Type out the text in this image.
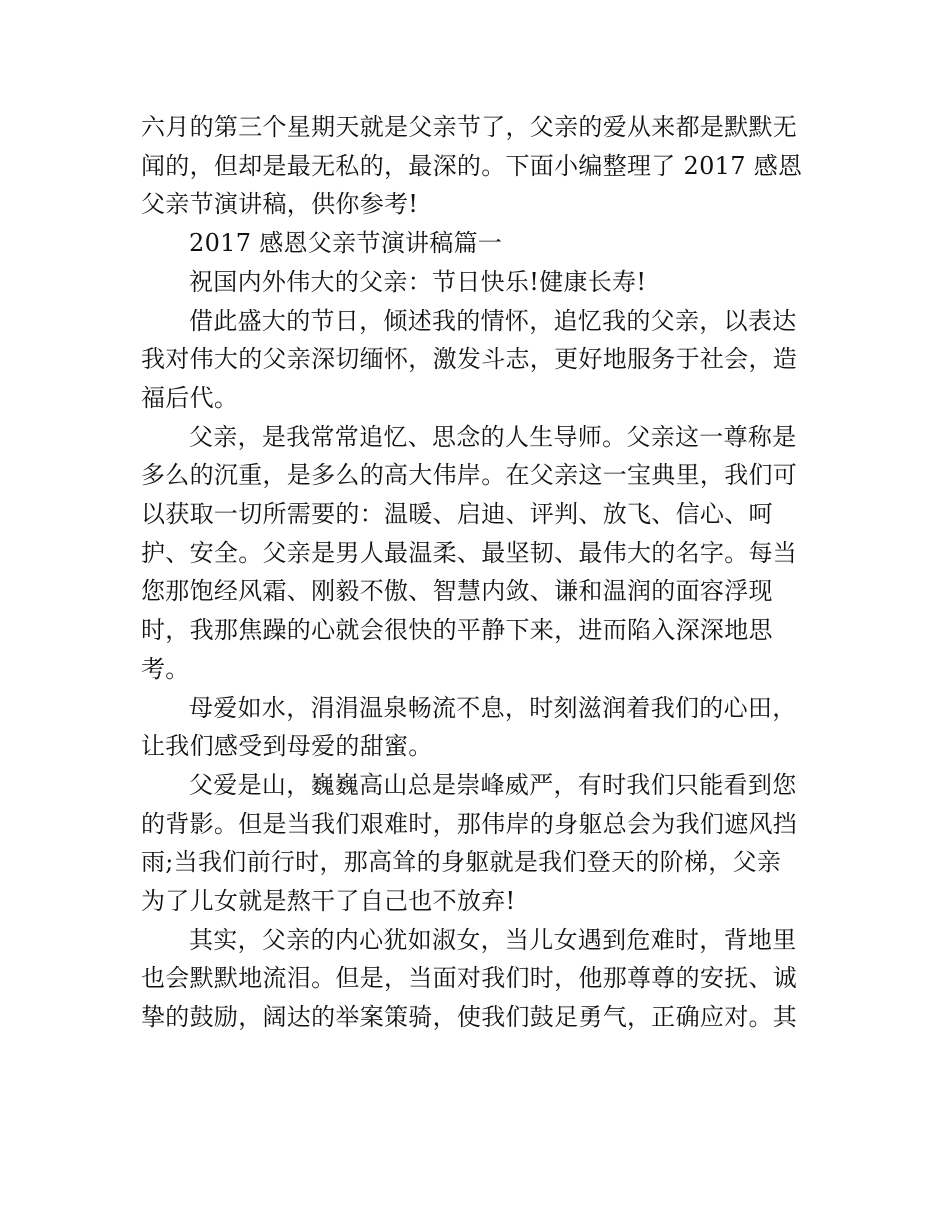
六月的第三个星期天就是父亲节了，父亲的爱从来都是默默无

闻的，但却是最无私的，最深的。下面小编整理了 2017 感恩

父亲节演讲稿，供你参考!

2017 感恩父亲节演讲稿篇一

祝国内外伟大的父亲：节日快乐!健康长寿!

借此盛大的节日，倾述我的情怀，追忆我的父亲，以表达

我对伟大的父亲深切缅怀，激发斗志，更好地服务于社会，造

福后代。

父亲，是我常常追忆、思念的人生导师。父亲这一尊称是

多么的沉重，是多么的高大伟岸。在父亲这一宝典里，我们可

以获取一切所需要的：温暖、启迪、评判、放飞、信心、呵

护、安全。父亲是男人最温柔、最坚韧、最伟大的名字。每当

您那饱经风霜、刚毅不傲、智慧内敛、谦和温润的面容浮现

时，我那焦躁的心就会很快的平静下来，进而陷入深深地思

考。

母爱如水，涓涓温泉畅流不息，时刻滋润着我们的心田，

让我们感受到母爱的甜蜜。

父爱是山，巍巍高山总是崇峰威严，有时我们只能看到您

的背影。但是当我们艰难时，那伟岸的身躯总会为我们遮风挡

雨;当我们前行时，那高耸的身躯就是我们登天的阶梯，父亲

为了儿女就是熬干了自己也不放弃!

其实，父亲的内心犹如淑女，当儿女遇到危难时，背地里

也会默默地流泪。但是，当面对我们时，他那尊尊的安抚、诚

挚的鼓励，阔达的举案策骑，使我们鼓足勇气，正确应对。其
